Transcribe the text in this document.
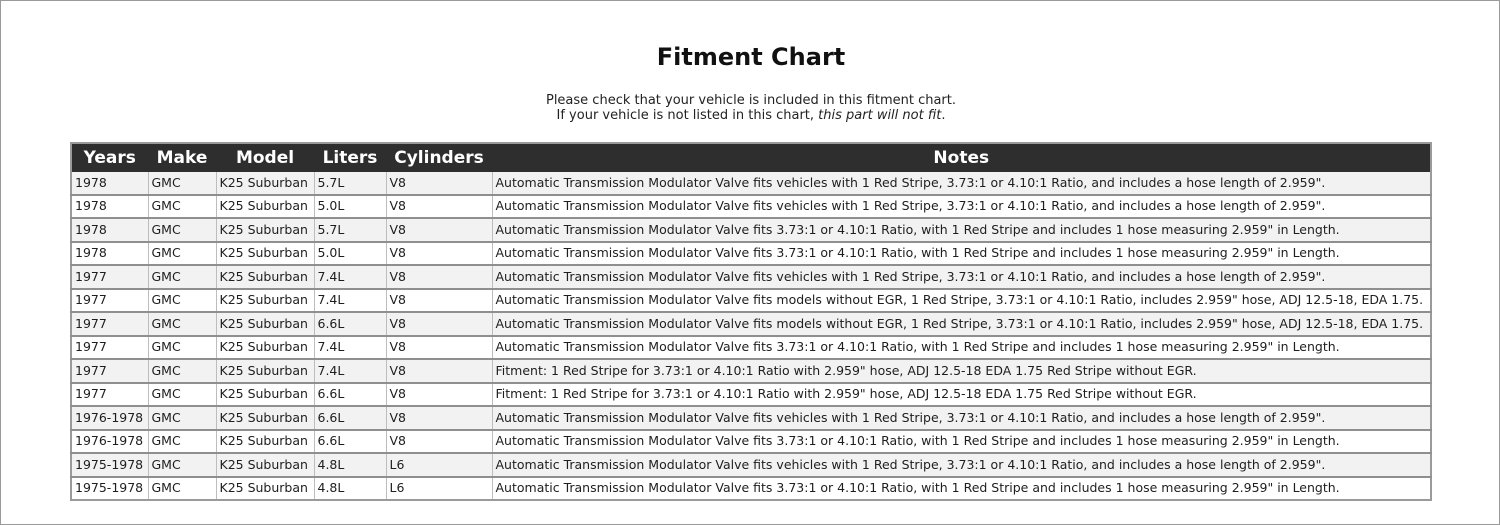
Fitment Chart
Please check that your vehicle is included in this fitment chart.
If your vehicle is not listed in this chart, this part will not fit.
Years	Make	Model	Liters	Cylinders	Notes
1978	GMC	K25 Suburban	5.7L	V8	Automatic Transmission Modulator Valve fits vehicles with 1 Red Stripe, 3.73:1 or 4.10:1 Ratio, and includes a hose length of 2.959".
1978	GMC	K25 Suburban	5.0L	V8	Automatic Transmission Modulator Valve fits vehicles with 1 Red Stripe, 3.73:1 or 4.10:1 Ratio, and includes a hose length of 2.959".
1978	GMC	K25 Suburban	5.7L	V8	Automatic Transmission Modulator Valve fits 3.73:1 or 4.10:1 Ratio, with 1 Red Stripe and includes 1 hose measuring 2.959" in Length.
1978	GMC	K25 Suburban	5.0L	V8	Automatic Transmission Modulator Valve fits 3.73:1 or 4.10:1 Ratio, with 1 Red Stripe and includes 1 hose measuring 2.959" in Length.
1977	GMC	K25 Suburban	7.4L	V8	Automatic Transmission Modulator Valve fits vehicles with 1 Red Stripe, 3.73:1 or 4.10:1 Ratio, and includes a hose length of 2.959".
1977	GMC	K25 Suburban	7.4L	V8	Automatic Transmission Modulator Valve fits models without EGR, 1 Red Stripe, 3.73:1 or 4.10:1 Ratio, includes 2.959" hose, ADJ 12.5-18, EDA 1.75.
1977	GMC	K25 Suburban	6.6L	V8	Automatic Transmission Modulator Valve fits models without EGR, 1 Red Stripe, 3.73:1 or 4.10:1 Ratio, includes 2.959" hose, ADJ 12.5-18, EDA 1.75.
1977	GMC	K25 Suburban	7.4L	V8	Automatic Transmission Modulator Valve fits 3.73:1 or 4.10:1 Ratio, with 1 Red Stripe and includes 1 hose measuring 2.959" in Length.
1977	GMC	K25 Suburban	7.4L	V8	Fitment: 1 Red Stripe for 3.73:1 or 4.10:1 Ratio with 2.959" hose, ADJ 12.5-18 EDA 1.75 Red Stripe without EGR.
1977	GMC	K25 Suburban	6.6L	V8	Fitment: 1 Red Stripe for 3.73:1 or 4.10:1 Ratio with 2.959" hose, ADJ 12.5-18 EDA 1.75 Red Stripe without EGR.
1976-1978	GMC	K25 Suburban	6.6L	V8	Automatic Transmission Modulator Valve fits vehicles with 1 Red Stripe, 3.73:1 or 4.10:1 Ratio, and includes a hose length of 2.959".
1976-1978	GMC	K25 Suburban	6.6L	V8	Automatic Transmission Modulator Valve fits 3.73:1 or 4.10:1 Ratio, with 1 Red Stripe and includes 1 hose measuring 2.959" in Length.
1975-1978	GMC	K25 Suburban	4.8L	L6	Automatic Transmission Modulator Valve fits vehicles with 1 Red Stripe, 3.73:1 or 4.10:1 Ratio, and includes a hose length of 2.959".
1975-1978	GMC	K25 Suburban	4.8L	L6	Automatic Transmission Modulator Valve fits 3.73:1 or 4.10:1 Ratio, with 1 Red Stripe and includes 1 hose measuring 2.959" in Length.
